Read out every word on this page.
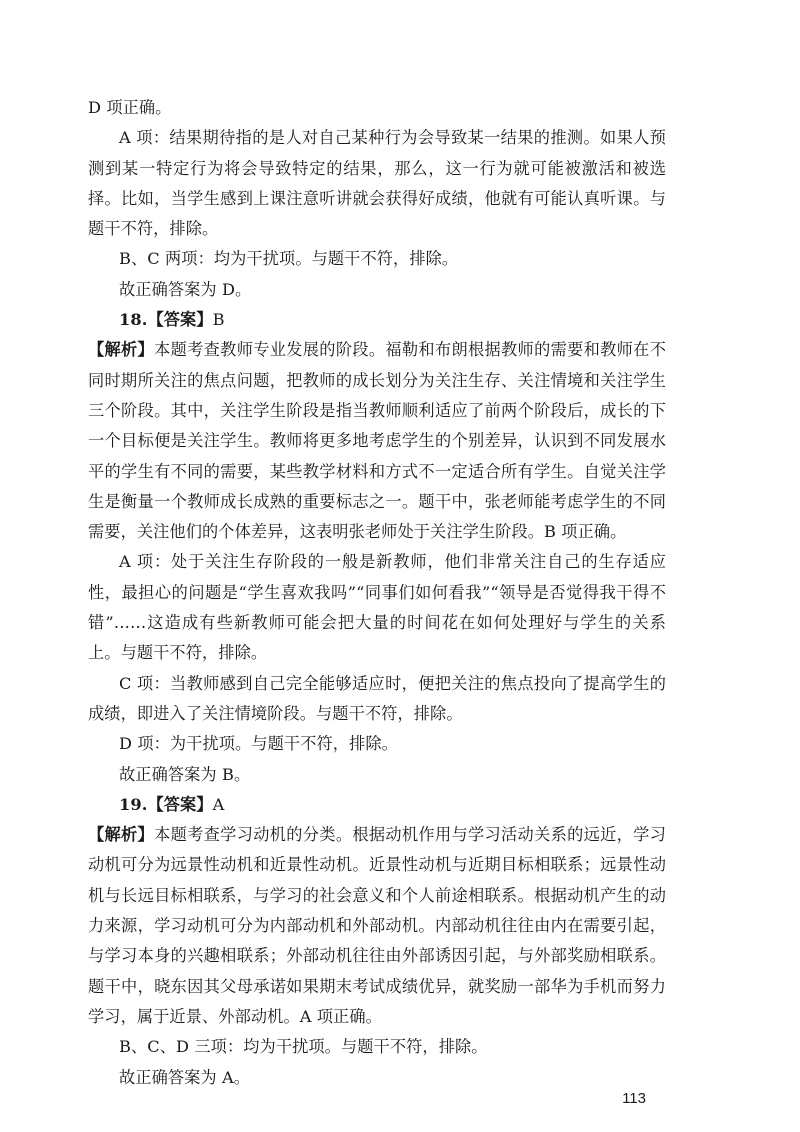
D 项正确。

A 项：结果期待指的是人对自己某种行为会导致某一结果的推测。如果人预测到某一特定行为将会导致特定的结果，那么，这一行为就可能被激活和被选择。比如，当学生感到上课注意听讲就会获得好成绩，他就有可能认真听课。与题干不符，排除。

B、C 两项：均为干扰项。与题干不符，排除。

故正确答案为 D。

18.【答案】B

【解析】本题考查教师专业发展的阶段。福勒和布朗根据教师的需要和教师在不同时期所关注的焦点问题，把教师的成长划分为关注生存、关注情境和关注学生三个阶段。其中，关注学生阶段是指当教师顺利适应了前两个阶段后，成长的下一个目标便是关注学生。教师将更多地考虑学生的个别差异，认识到不同发展水平的学生有不同的需要，某些教学材料和方式不一定适合所有学生。自觉关注学生是衡量一个教师成长成熟的重要标志之一。题干中，张老师能考虑学生的不同需要，关注他们的个体差异，这表明张老师处于关注学生阶段。B 项正确。

A 项：处于关注生存阶段的一般是新教师，他们非常关注自己的生存适应性，最担心的问题是“学生喜欢我吗”“同事们如何看我”“领导是否觉得我干得不错”……这造成有些新教师可能会把大量的时间花在如何处理好与学生的关系上。与题干不符，排除。

C 项：当教师感到自己完全能够适应时，便把关注的焦点投向了提高学生的成绩，即进入了关注情境阶段。与题干不符，排除。

D 项：为干扰项。与题干不符，排除。

故正确答案为 B。

19.【答案】A

【解析】本题考查学习动机的分类。根据动机作用与学习活动关系的远近，学习动机可分为远景性动机和近景性动机。近景性动机与近期目标相联系；远景性动机与长远目标相联系，与学习的社会意义和个人前途相联系。根据动机产生的动力来源，学习动机可分为内部动机和外部动机。内部动机往往由内在需要引起，与学习本身的兴趣相联系；外部动机往往由外部诱因引起，与外部奖励相联系。题干中，晓东因其父母承诺如果期末考试成绩优异，就奖励一部华为手机而努力学习，属于近景、外部动机。A 项正确。

B、C、D 三项：均为干扰项。与题干不符，排除。

故正确答案为 A。

113
